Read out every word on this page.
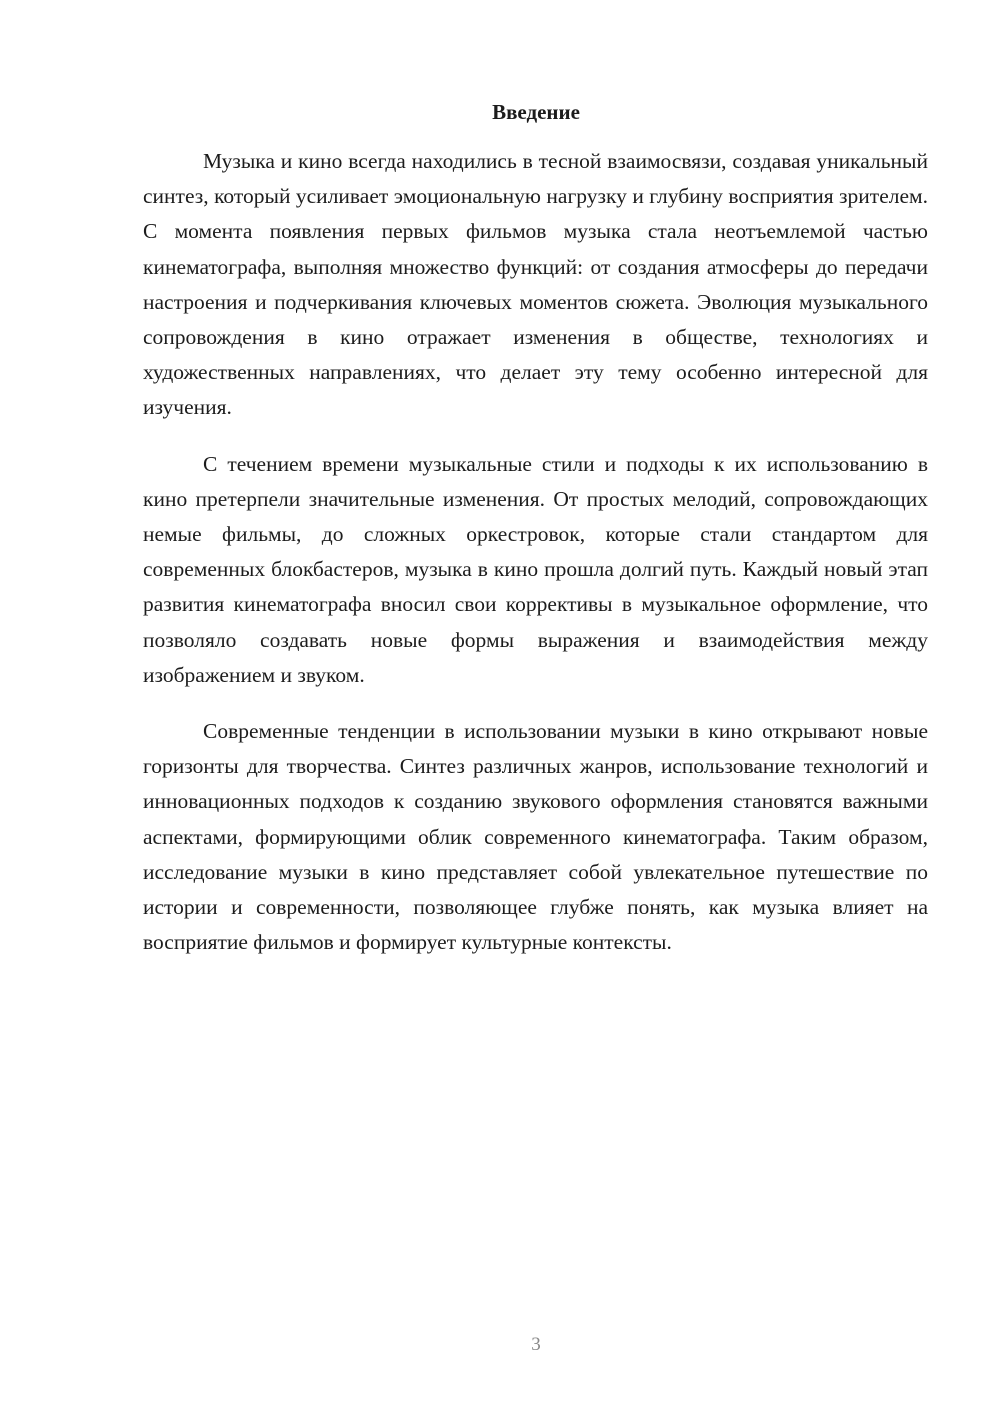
Введение

Музыка и кино всегда находились в тесной взаимосвязи, создавая уникальный синтез, который усиливает эмоциональную нагрузку и глубину восприятия зрителем. С момента появления первых фильмов музыка стала неотъемлемой частью кинематографа, выполняя множество функций: от создания атмосферы до передачи настроения и подчеркивания ключевых моментов сюжета. Эволюция музыкального сопровождения в кино отражает изменения в обществе, технологиях и художественных направлениях, что делает эту тему особенно интересной для изучения.

С течением времени музыкальные стили и подходы к их использованию в кино претерпели значительные изменения. От простых мелодий, сопровождающих немые фильмы, до сложных оркестровок, которые стали стандартом для современных блокбастеров, музыка в кино прошла долгий путь. Каждый новый этап развития кинематографа вносил свои коррективы в музыкальное оформление, что позволяло создавать новые формы выражения и взаимодействия между изображением и звуком.

Современные тенденции в использовании музыки в кино открывают новые горизонты для творчества. Синтез различных жанров, использование технологий и инновационных подходов к созданию звукового оформления становятся важными аспектами, формирующими облик современного кинематографа. Таким образом, исследование музыки в кино представляет собой увлекательное путешествие по истории и современности, позволяющее глубже понять, как музыка влияет на восприятие фильмов и формирует культурные контексты.

3
